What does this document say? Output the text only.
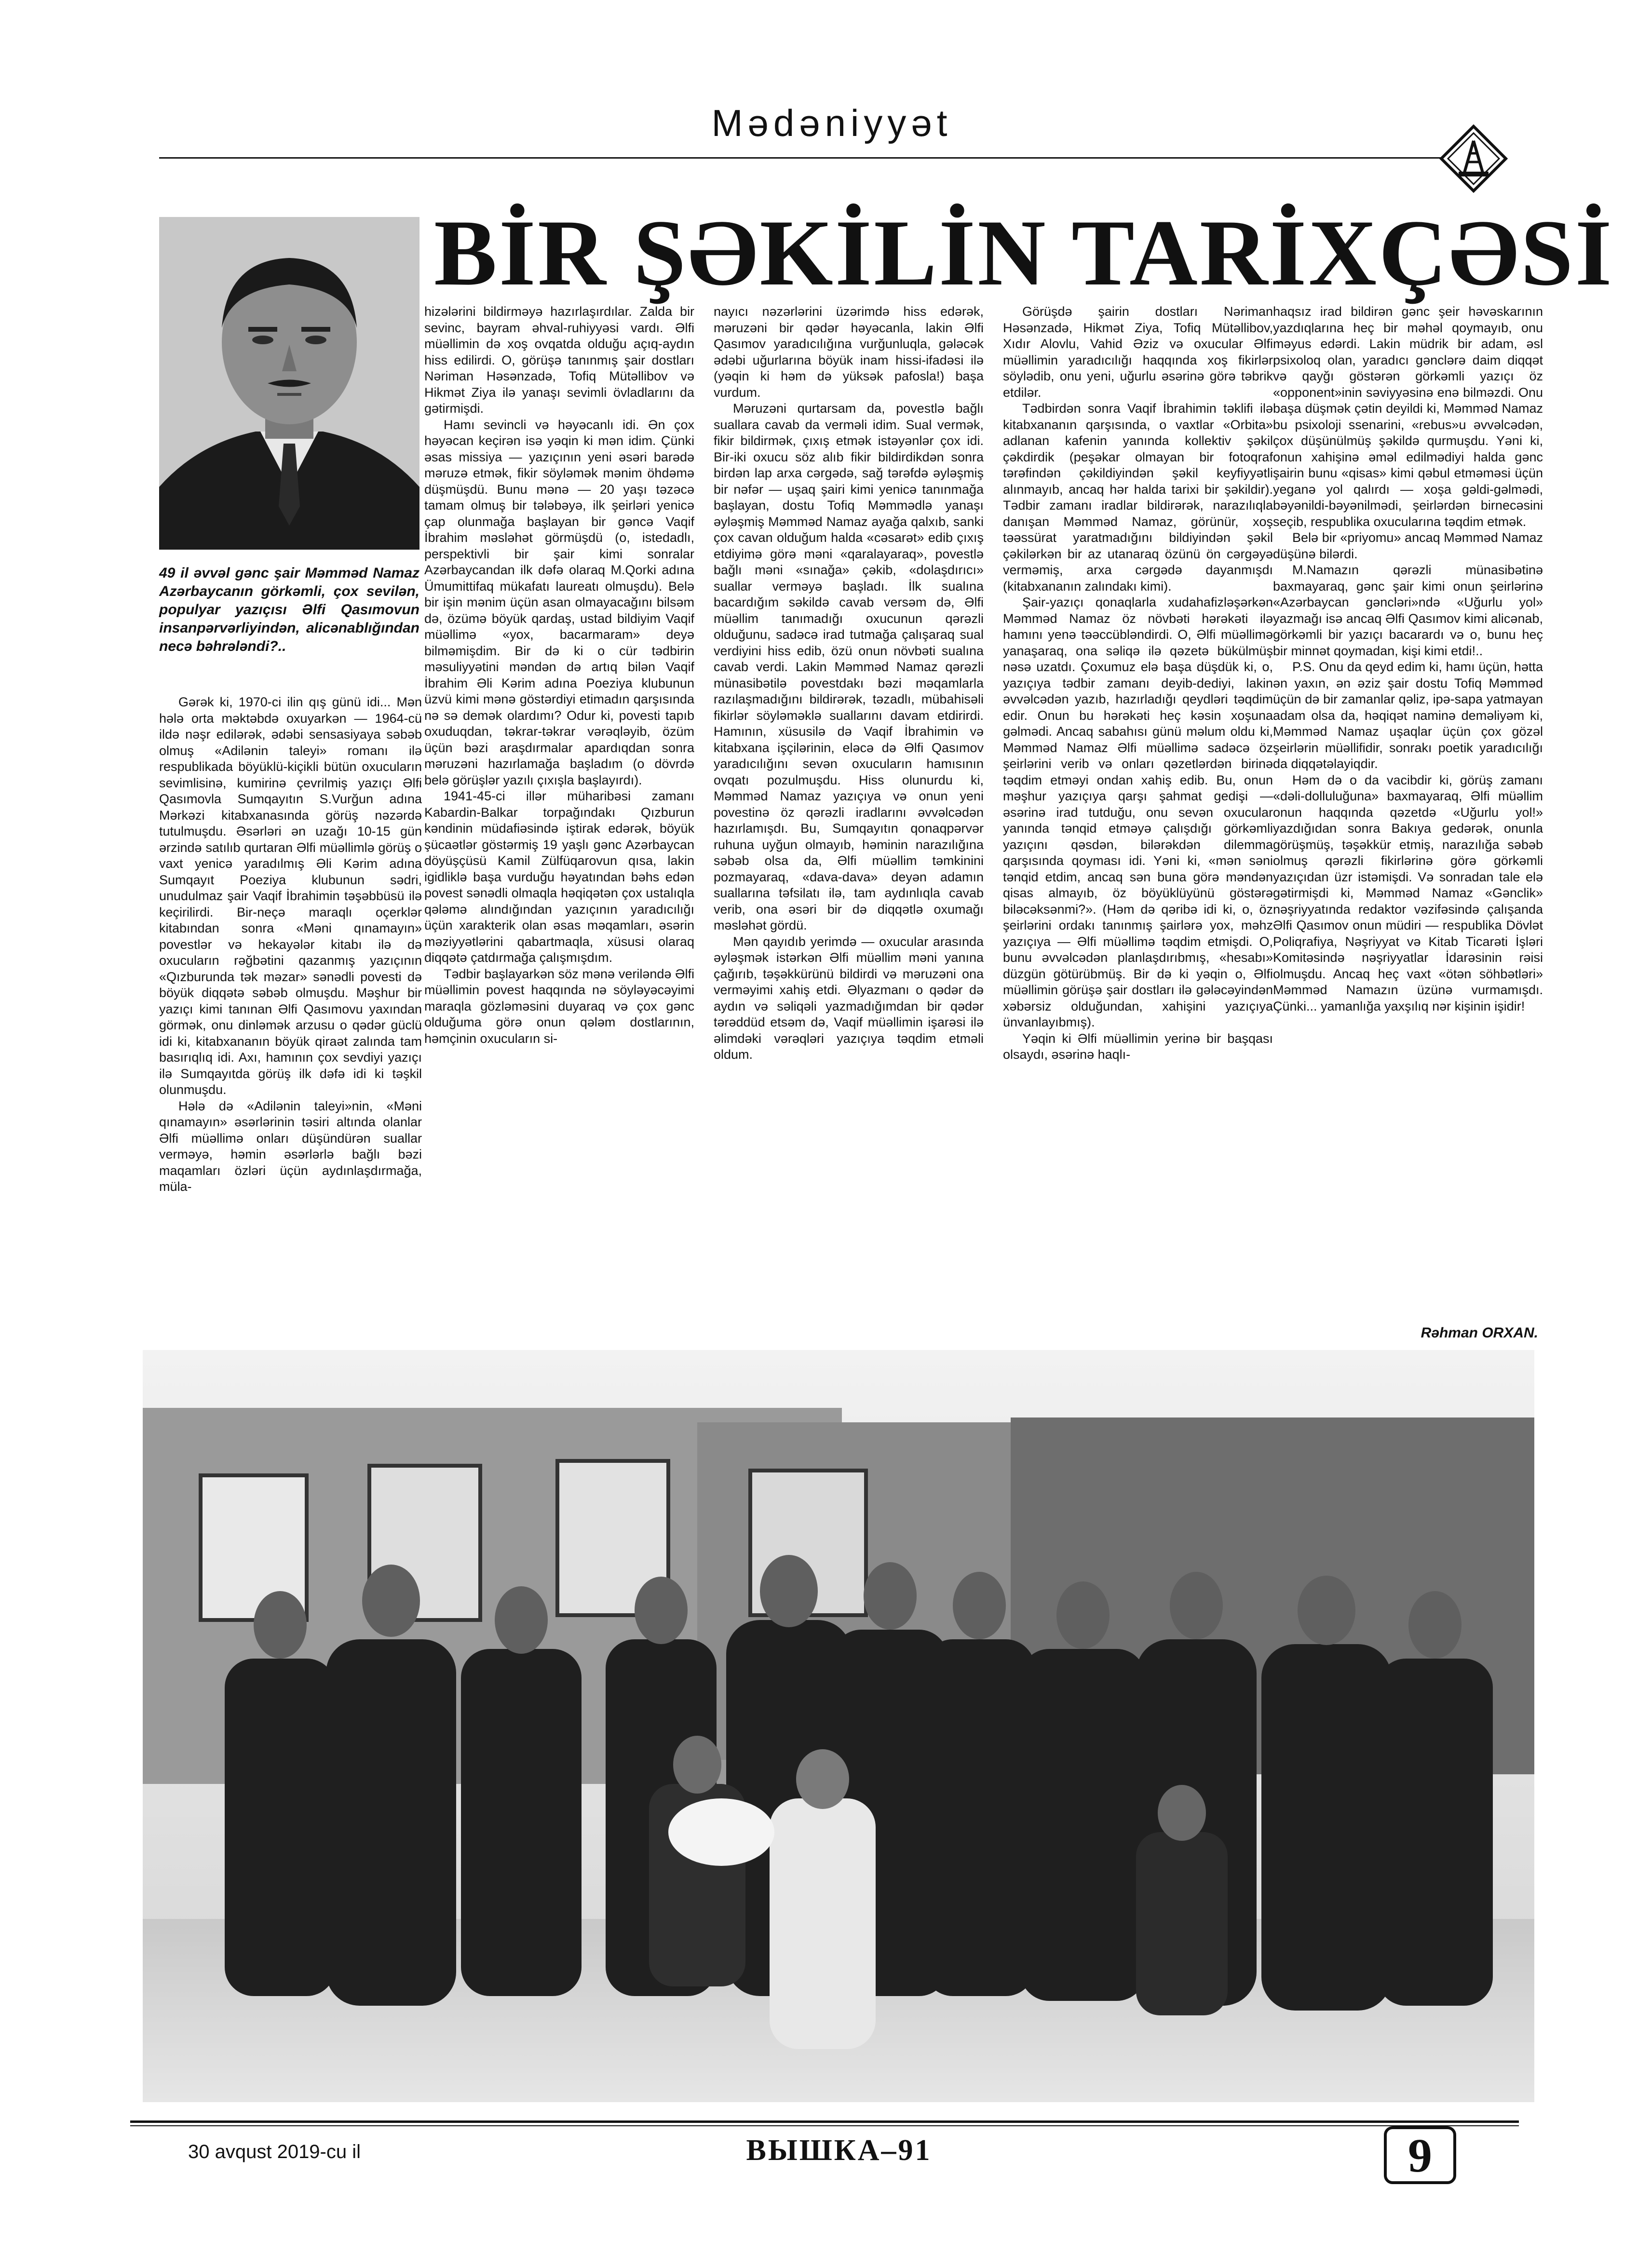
Mədəniyyət
BİR ŞƏKİLİN TARİXÇƏSİ

49 il əvvəl gənc şair Məmməd Namaz Azərbaycanın görkəmli, çox sevilən, populyar yazıçısı Əlfi Qasımovun insanpərvərliyindən, alicənablığından necə bəhrələndi?..

Gərək ki, 1970-ci ilin qış günü idi... Mən hələ orta məktəbdə oxuyarkən — 1964-cü ildə nəşr edilərək, ədəbi sensasiyaya səbəb olmuş «Adilənin taleyi» romanı ilə respublikada böyüklü-kiçikli bütün oxucuların sevimlisinə, kumirinə çevrilmiş yazıçı Əlfi Qasımovla Sumqayıtın S.Vurğun adına Mərkəzi kitabxanasında görüş nəzərdə tutulmuşdu. Əsərləri ən uzağı 10-15 gün ərzində satılıb qurtaran Əlfi müəllimlə görüş o vaxt yenicə yaradılmış Əli Kərim adına Sumqayıt Poeziya klubunun sədri, unudulmaz şair Vaqif İbrahimin təşəbbüsü ilə keçirilirdi. Bir-neçə maraqlı oçerklər kitabından sonra «Məni qınamayın» povestlər və hekayələr kitabı ilə də oxucuların rəğbətini qazanmış yazıçının «Qızburunda tək məzar» sənədli povesti də böyük diqqətə səbəb olmuşdu. Məşhur bir yazıçı kimi tanınan Əlfi Qasımovu yaxından görmək, onu dinləmək arzusu o qədər güclü idi ki, kitabxananın böyük qiraət zalında tam basırıqlıq idi. Axı, hamının çox sevdiyi yazıçı ilə Sumqayıtda görüş ilk dəfə idi ki təşkil olunmuşdu.

Hələ də «Adilənin taleyi»nin, «Məni qınamayın» əsərlərinin təsiri altında olanlar Əlfi müəllimə onları düşündürən suallar verməyə, həmin əsərlərlə bağlı bəzi maqamları özləri üçün aydınlaşdırmağa, müla-

hizələrini bildirməyə hazırlaşırdılar. Zalda bir sevinc, bayram əhval-ruhiyyəsi vardı. Əlfi müəllimin də xoş ovqatda olduğu açıq-aydın hiss edilirdi. O, görüşə tanınmış şair dostları Nəriman Həsənzadə, Tofiq Mütəllibov və Hikmət Ziya ilə yanaşı sevimli övladlarını da gətirmişdi.

Hamı sevincli və həyəcanlı idi. Ən çox həyəcan keçirən isə yəqin ki mən idim. Çünki əsas missiya — yazıçının yeni əsəri barədə məruzə etmək, fikir söyləmək mənim öhdəmə düşmüşdü. Bunu mənə — 20 yaşı təzəcə tamam olmuş bir tələbəyə, ilk şeirləri yenicə çap olunmağa başlayan bir gəncə Vaqif İbrahim məsləhət görmüşdü (o, istedadlı, perspektivli bir şair kimi sonralar Azərbaycandan ilk dəfə olaraq M.Qorki adına Ümumittifaq mükafatı laureatı olmuşdu). Belə bir işin mənim üçün asan olmayacağını bilsəm də, özümə böyük qardaş, ustad bildiyim Vaqif müəllimə «yox, bacarmaram» deyə bilməmişdim. Bir də ki o cür tədbirin məsuliyyətini məndən də artıq bilən Vaqif İbrahim Əli Kərim adına Poeziya klubunun üzvü kimi mənə göstərdiyi etimadın qarşısında nə sə demək olardımı? Odur ki, povesti tapıb oxuduqdan, təkrar-təkrar vərəqləyib, özüm üçün bəzi araşdırmalar apardıqdan sonra məruzəni hazırlamağa başladım (o dövrdə belə görüşlər yazılı çıxışla başlayırdı).

1941-45-ci illər müharibəsi zamanı Kabardin-Balkar torpağındakı Qızburun kəndinin müdafiəsində iştirak edərək, böyük şücaətlər göstərmiş 19 yaşlı gənc Azərbaycan döyüşçüsü Kamil Zülfüqarovun qısa, lakin igidliklə başa vurduğu həyatından bəhs edən povest sənədli olmaqla həqiqətən çox ustalıqla qələmə alındığından yazıçının yaradıcılığı üçün xarakterik olan əsas məqamları, əsərin məziyyətlərini qabartmaqla, xüsusi olaraq diqqətə çatdırmağa çalışmışdım.

Tədbir başlayarkən söz mənə veriləndə Əlfi müəllimin povest haqqında nə söyləyəcəyimi maraqla gözləməsini duyaraq və çox gənc olduğuma görə onun qələm dostlarının, həmçinin oxucuların si-

nayıcı nəzərlərini üzərimdə hiss edərək, məruzəni bir qədər həyəcanla, lakin Əlfi Qasımov yaradıcılığına vurğunluqla, gələcək ədəbi uğurlarına böyük inam hissi-ifadəsi ilə (yəqin ki həm də yüksək pafosla!) başa vurdum.

Məruzəni qurtarsam da, povestlə bağlı suallara cavab da verməli idim. Sual vermək, fikir bildirmək, çıxış etmək istəyənlər çox idi. Bir-iki oxucu söz alıb fikir bildirdikdən sonra birdən lap arxa cərgədə, sağ tərəfdə əyləşmiş bir nəfər — uşaq şairi kimi yenicə tanınmağa başlayan, dostu Tofiq Məmmədlə yanaşı əyləşmiş Məmməd Namaz ayağa qalxıb, sanki çox cavan olduğum halda «cəsarət» edib çıxış etdiyimə görə məni «qaralayaraq», povestlə bağlı məni «sınağa» çəkib, «dolaşdırıcı» suallar verməyə başladı. İlk sualına bacardığım səkildə cavab versəm də, Əlfi müəllim tanımadığı oxucunun qərəzli olduğunu, sadəcə irad tutmağa çalışaraq sual verdiyini hiss edib, özü onun növbəti sualına cavab verdi. Lakin Məmməd Namaz qərəzli münasibətilə povestdakı bəzi məqamlarla razılaşmadığını bildirərək, təzadlı, mübahisəli fikirlər söyləməklə suallarını davam etdirirdi. Hamının, xüsusilə də Vaqif İbrahimin və kitabxana işçilərinin, eləcə də Əlfi Qasımov yaradıcılığını sevən oxucuların hamısının ovqatı pozulmuşdu. Hiss olunurdu ki, Məmməd Namaz yazıçıya və onun yeni povestinə öz qərəzli iradlarını əvvəlcədən hazırlamışdı. Bu, Sumqayıtın qonaqpərvər ruhuna uyğun olmayıb, həminin narazılığına səbəb olsa da, Əlfi müəllim təmkinini pozmayaraq, «dava-dava» deyən adamın suallarına təfsilatı ilə, tam aydınlıqla cavab verib, ona əsəri bir də diqqətlə oxumağı məsləhət gördü.

Mən qayıdıb yerimdə — oxucular arasında əyləşmək istərkən Əlfi müəllim məni yanına çağırıb, təşəkkürünü bildirdi və məruzəni ona verməyimi xahiş etdi. Əlyazmanı o qədər də aydın və səliqəli yazmadığımdan bir qədər tərəddüd etsəm də, Vaqif müəllimin işarəsi ilə əlimdəki vərəqləri yazıçıya təqdim etməli oldum.

Görüşdə şairin dostları Nəriman Həsənzadə, Hikmət Ziya, Tofiq Mütəllibov, Xıdır Alovlu, Vahid Əziz və oxucular Əlfi müəllimin yaradıcılığı haqqında xoş fikirlər söylədib, onu yeni, uğurlu əsərinə görə təbrik etdilər.

Tədbirdən sonra Vaqif İbrahimin təklifi ilə kitabxananın qarşısında, o vaxtlar «Orbita» adlanan kafenin yanında kollektiv şəkil çəkdirdik (peşəkar olmayan bir fotoqraf tərəfindən çəkildiyindən şəkil keyfiyyətli alınmayıb, ancaq hər halda tarixi bir şəkildir). Tədbir zamanı iradlar bildirərək, narazılıqla danışan Məmməd Namaz, görünür, xoş təəssürat yaratmadığını bildiyindən şəkil çəkilərkən bir az utanaraq özünü ön cərgəyə verməmiş, arxa cərgədə dayanmışdı (kitabxananın zalındakı kimi).

Şair-yazıçı qonaqlarla xudahafizləşərkən Məmməd Namaz öz növbəti hərəkəti ilə hamını yenə təəccübləndirdi. O, Əlfi müəllimə yanaşaraq, ona səliqə ilə qəzetə bükülmüş nəsə uzatdı. Çoxumuz elə başa düşdük ki, o, yazıçıya tədbir zamanı deyib-dediyi, lakin əvvəlcədən yazıb, hazırladığı qeydləri təqdim edir. Onun bu hərəkəti heç kəsin xoşuna gəlmədi. Ancaq sabahısı günü məlum oldu ki, Məmməd Namaz Əlfi müəllimə sadəcə öz şeirlərini verib və onları qəzetlərdən birinə təqdim etməyi ondan xahiş edib. Bu, onun məşhur yazıçıya qarşı şahmat gedişi — əsərinə irad tutduğu, onu sevən oxucular yanında tənqid etməyə çalışdığı görkəmli yazıçını qəsdən, bilərəkdən dilemma qarşısında qoyması idi. Yəni ki, «mən səni tənqid etdim, ancaq sən buna görə məndən qisas almayıb, öz böyüklüyünü göstərə biləcəksənmi?». (Həm də qəribə idi ki, o, öz şeirlərini ordakı tanınmış şairlərə yox, məhz yazıçıya — Əlfi müəllimə təqdim etmişdi. O, bunu əvvəlcədən planlaşdırıbmış, «hesabı» düzgün götürübmüş. Bir də ki yəqin o, Əlfi müəllimin görüşə şair dostları ilə gələcəyindən xəbərsiz olduğundan, xahişini yazıçıya ünvanlayıbmış).

Yəqin ki Əlfi müəllimin yerinə bir başqası olsaydı, əsərinə haqlı-

haqsız irad bildirən gənc şeir həvəskarının yazdıqlarına heç bir məhəl qoymayıb, onu məyus edərdi. Lakin müdrik bir adam, əsl psixoloq olan, yaradıcı gənclərə daim diqqət və qayğı göstərən görkəmli yazıçı öz «opponent»inin səviyyəsinə enə bilməzdi. Onu başa düşmək çətin deyildi ki, Məmməd Namaz bu psixoloji ssenarini, «rebus»u əvvəlcədən, çox düşünülmüş şəkildə qurmuşdu. Yəni ki, onun xahişinə əməl edilmədiyi halda gənc şairin bunu «qisas» kimi qəbul etməməsi üçün yeganə yol qalırdı — xoşa gəldi-gəlmədi, bəyənildi-bəyənilmədi, şeirlərdən birnecəsini seçib, respublika oxucularına təqdim etmək.

Belə bir «priyomu» ancaq Məmməd Namaz düşünə bilərdi.

M.Namazın qərəzli münasibətinə baxmayaraq, gənc şair kimi onun şeirlərinə «Azərbaycan gəncləri»ndə «Uğurlu yol» yazmağı isə ancaq Əlfi Qasımov kimi alicənab, görkəmli bir yazıçı bacarardı və o, bunu heç bir minnət qoymadan, kişi kimi etdi!..

P.S. Onu da qeyd edim ki, hamı üçün, hətta ən yaxın, ən əziz şair dostu Tofiq Məmməd üçün də bir zamanlar qəliz, ipə-sapa yatmayan adam olsa da, həqiqət naminə deməliyəm ki, Məmməd Namaz uşaqlar üçün çox gözəl şeirlərin müəllifidir, sonrakı poetik yaradıcılığı da diqqətəlayiqdir.

Həm də o da vacibdir ki, görüş zamanı «dəli-dolluluğuna» baxmayaraq, Əlfi müəllim onun haqqında qəzetdə «Uğurlu yol!» yazdığıdan sonra Bakıya gedərək, onunla görüşmüş, təşəkkür etmiş, narazılığa səbəb olmuş qərəzli fikirlərinə görə görkəmli yazıçıdan üzr istəmişdi. Və sonradan tale elə gətirmişdi ki, Məmməd Namaz «Gənclik» nəşriyyatında redaktor vəzifəsində çalışanda Əlfi Qasımov onun müdiri — respublika Dövlət Poliqrafiya, Nəşriyyat və Kitab Ticarəti İşləri Komitəsində nəşriyyatlar İdarəsinin rəisi olmuşdu. Ancaq heç vaxt «ötən söhbətləri» Məmməd Namazın üzünə vurmamışdı. Çünki... yamanlığa yaxşılıq nər kişinin işidir!

Rəhman ORXAN.
30 avqust 2019-cu il	ВЫШКА–91	9
